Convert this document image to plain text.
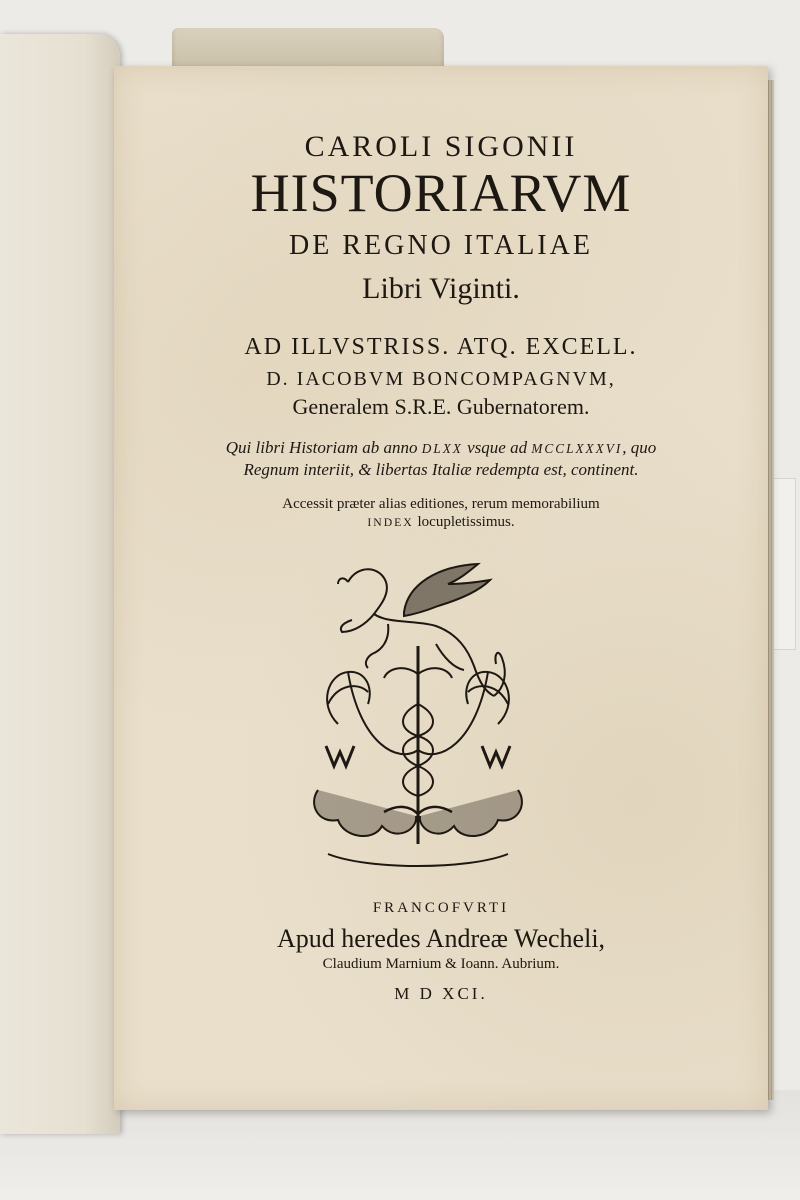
CAROLI SIGONII
HISTORIARVM
DE REGNO ITALIAE
Libri Viginti.
AD ILLVSTRISS. ATQ. EXCELL.
D. IACOBVM BONCOMPAGNVM,
Generalem S.R.E. Gubernatorem.
Qui libri Historiam ab anno DLXX vsque ad MCCLXXXVI, quo
Regnum interiit, & libertas Italiæ redempta est, continent.
Accessit præter alias editiones, rerum memorabilium
INDEX locupletissimus.
FRANCOFVRTI
Apud heredes Andreæ Wecheli,
Claudium Marnium & Ioann. Aubrium.
M D XCI.
